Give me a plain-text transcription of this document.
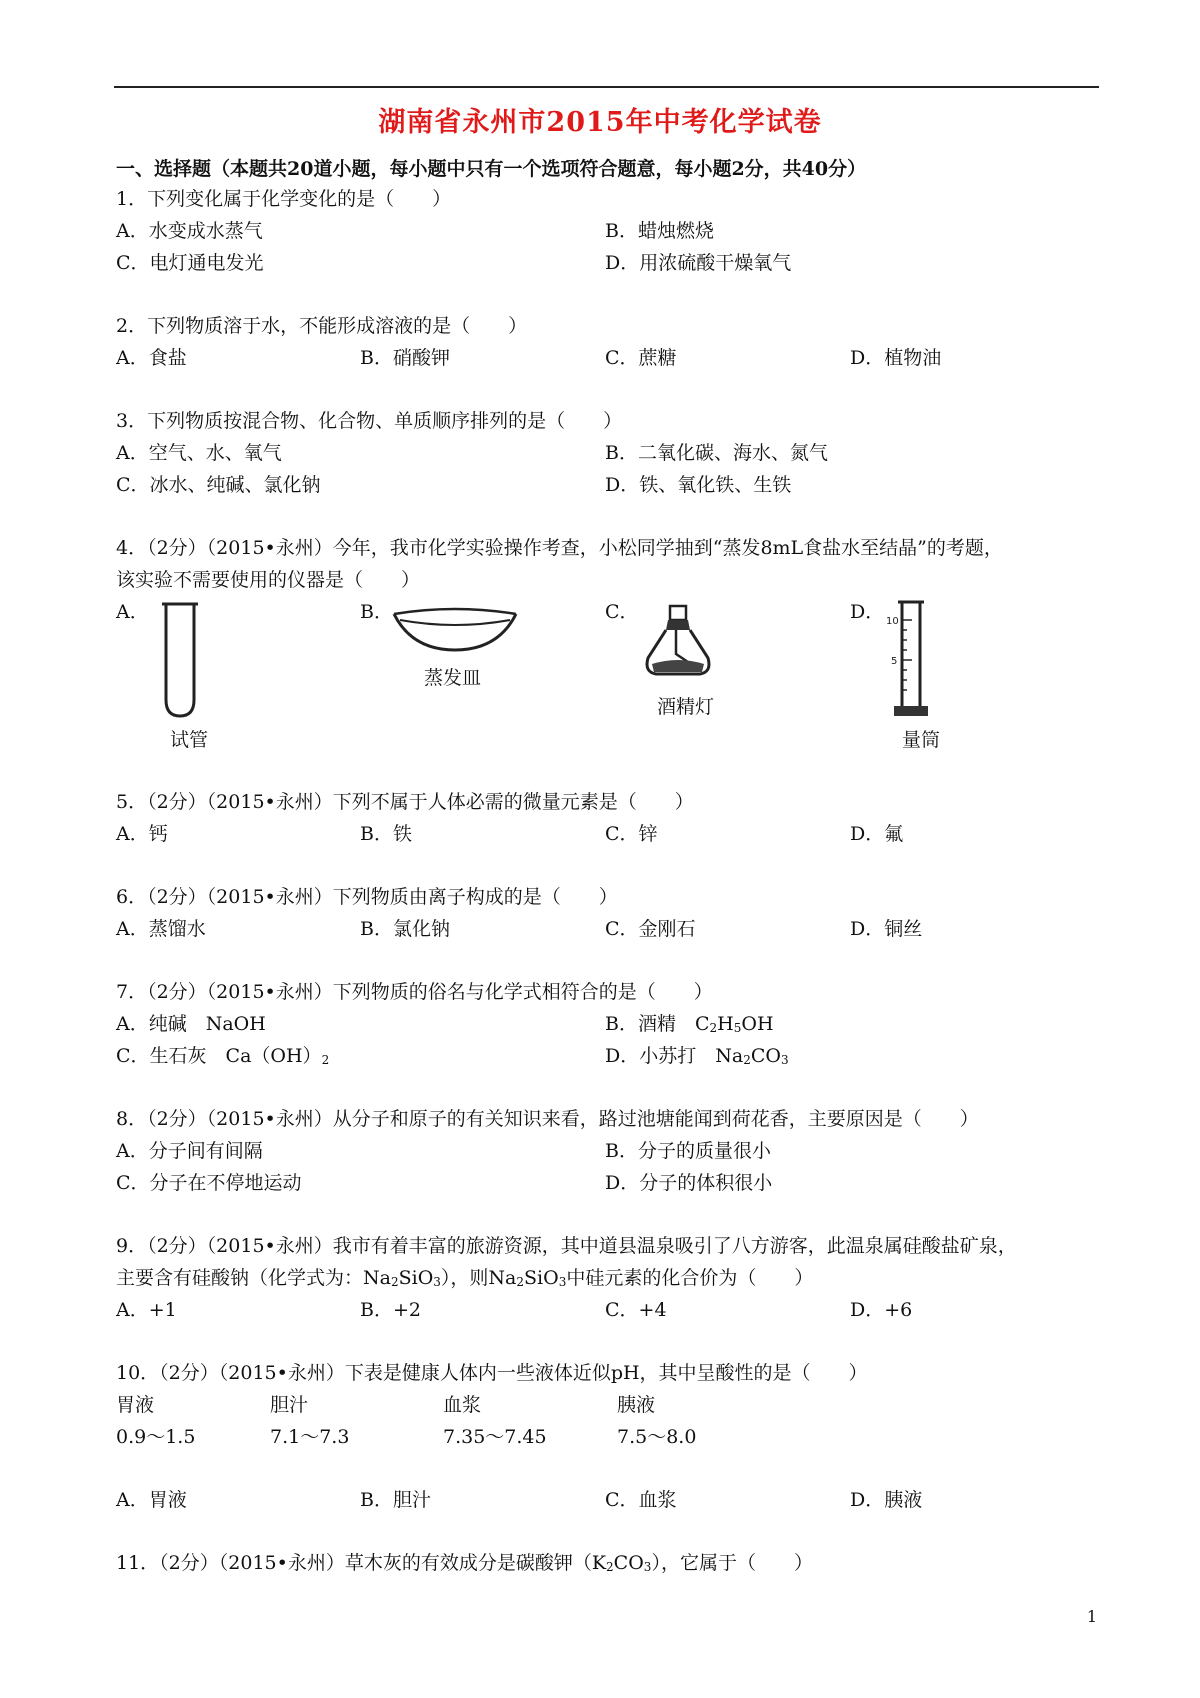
湖南省永州市2015年中考化学试卷
一、选择题（本题共20道小题，每小题中只有一个选项符合题意，每小题2分，共40分）
1．下列变化属于化学变化的是（　　）
A．水变成水蒸气	B．蜡烛燃烧
C．电灯通电发光	D．用浓硫酸干燥氧气
2．下列物质溶于水，不能形成溶液的是（　　）
A．食盐	B．硝酸钾	C．蔗糖	D．植物油
3．下列物质按混合物、化合物、单质顺序排列的是（　　）
A．空气、水、氧气	B．二氧化碳、海水、氮气
C．冰水、纯碱、氯化钠	D．铁、氧化铁、生铁
4．（2分）（2015•永州）今年，我市化学实验操作考查，小松同学抽到“蒸发8mL食盐水至结晶”的考题，
该实验不需要使用的仪器是（　　）
A．	B．	C．	D．
试管
蒸发皿
酒精灯
10
5
量筒
5．（2分）（2015•永州）下列不属于人体必需的微量元素是（　　）
A．钙	B．铁	C．锌	D．氟
6．（2分）（2015•永州）下列物质由离子构成的是（　　）
A．蒸馏水	B．氯化钠	C．金刚石	D．铜丝
7．（2分）（2015•永州）下列物质的俗名与化学式相符合的是（　　）
A．纯碱　NaOH	B．酒精　$C_2H_5OH$
C．生石灰　$Ca(OH)_2$	D．小苏打　$Na_2CO_3$
8．（2分）（2015•永州）从分子和原子的有关知识来看，路过池塘能闻到荷花香，主要原因是（　　）
A．分子间有间隔	B．分子的质量很小
C．分子在不停地运动	D．分子的体积很小
9．（2分）（2015•永州）我市有着丰富的旅游资源，其中道县温泉吸引了八方游客，此温泉属硅酸盐矿泉，
主要含有硅酸钠（化学式为：$Na_2SiO_3$），则$Na_2SiO_3$中硅元素的化合价为（　　）
A．+1	B．+2	C．+4	D．+6
10．（2分）（2015•永州）下表是健康人体内一些液体近似pH，其中呈酸性的是（　　）
胃液	胆汁	血浆	胰液
0.9～1.5	7.1～7.3	7.35～7.45	7.5～8.0
A．胃液	B．胆汁	C．血浆	D．胰液
11．（2分）（2015•永州）草木灰的有效成分是碳酸钾$(K_2CO_3)$，它属于（　　）
1
